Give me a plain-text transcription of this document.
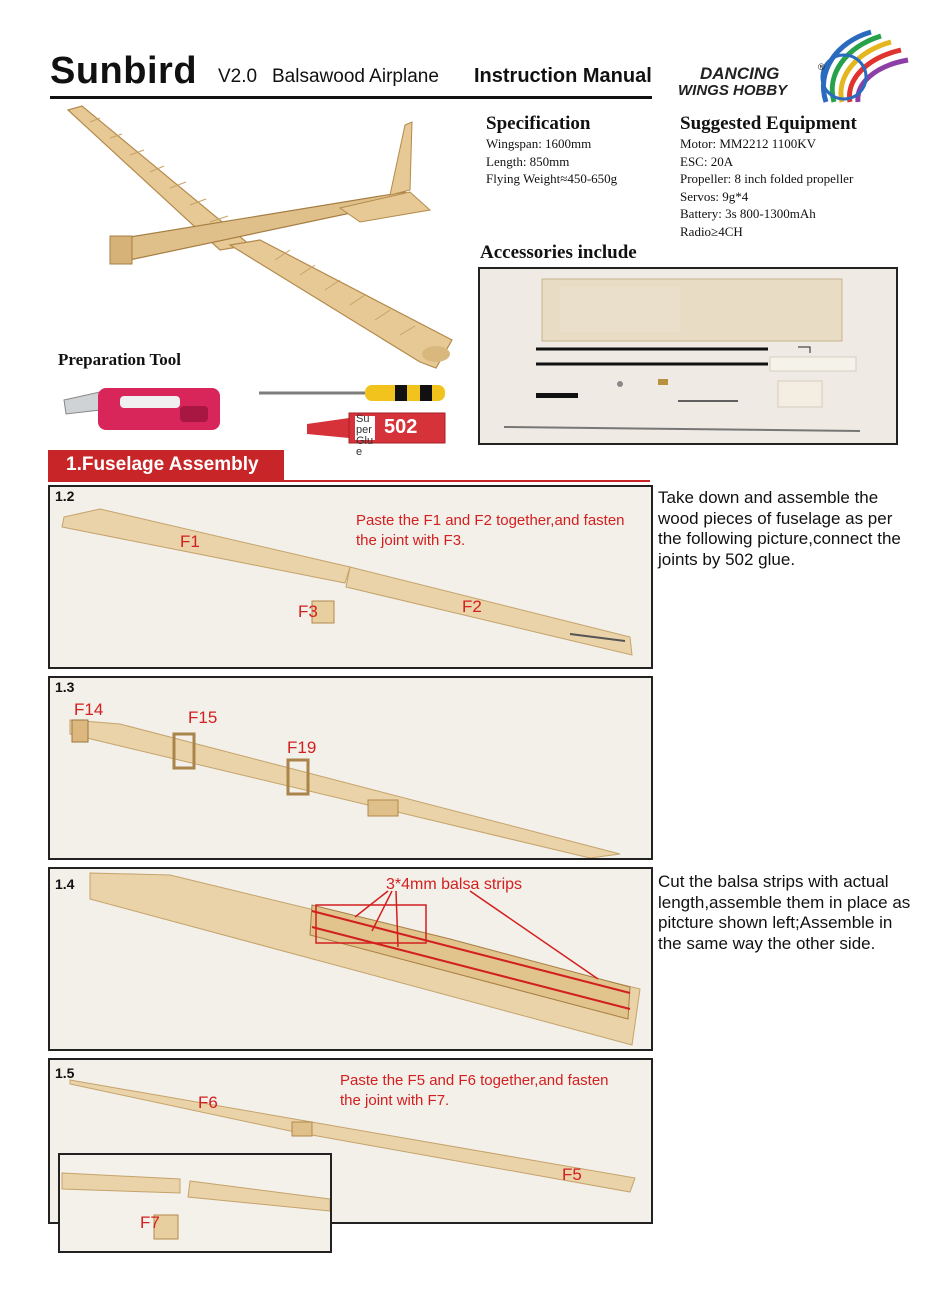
Sunbird V2.0 Balsawood Airplane Instruction Manual	DANCING	®
WINGS HOBBY
Specification
Wingspan: 1600mm
Length: 850mm
Flying Weight≈450-650g
Suggested Equipment
Motor: MM2212 1100KV
ESC: 20A
Propeller: 8 inch folded propeller
Servos: 9g*4
Battery: 3s 800-1300mAh
Radio≥4CH
Accessories include
Preparation Tool
Super Glue
502
1.Fuselage Assembly
1.2
F1
F2
F3
Paste the F1 and F2 together,and fasten the joint with F3.
1.3
F14	F15
F19
1.4	3*4mm balsa strips
1.5
F6
F5
Paste the F5 and F6 together,and fasten the joint with F7.
F7
Take down and assemble the wood pieces of fuselage as per the following picture,connect the joints by 502 glue.
Cut the balsa strips with actual length,assemble them in place as pitcture shown left;Assemble in the same way the other side.
